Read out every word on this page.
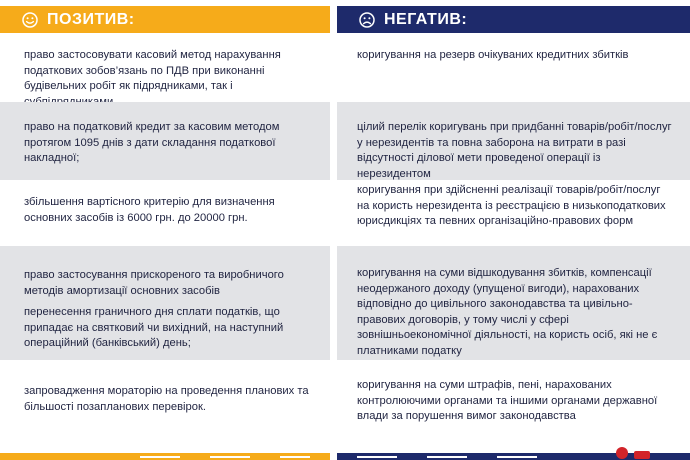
ПОЗИТИВ:
право застосовувати касовий метод нарахування податкових зобов’язань по ПДВ при виконанні будівельних робіт як підрядниками, так і
право на податковий кредит за касовим методом протягом 1095 днів з дати складання податкової накладної;
збільшення вартісного критерію для визначення основних засобів із 6000 грн. до 20000 грн.
право застосування прискореного та виробничого методів амортизації основних засобів
перенесення граничного дня сплати податків, що припадає на святковий чи вихідний, на наступний операційний (банківський) день;
запровадження мораторію на проведення планових та більшості позапланових перевірок.
НЕГАТИВ:
коригування на резерв очікуваних кредитних збитків
цілий перелік коригувань при придбанні товарів/робіт/послуг у нерезидентів та повна заборона на витрати в разі відсутності ділової мети проведеної операції із нерезидентом
коригування при здійсненні реалізації товарів/робіт/послуг на користь нерезидента із реєстрацією в низькоподаткових юрисдикціях та певних організаційно-правових форм
коригування на суми відшкодування збитків, компенсації неодержаного доходу (упущеної вигоди), нарахованих відповідно до цивільного законодавства та цивільно-правових договорів, у тому числі у сфері зовнішньоекономічної діяльності, на користь осіб, які не є платниками податку
коригування на суми штрафів, пені, нарахованих контролюючими органами та іншими органами державної влади за порушення вимог законодавства
